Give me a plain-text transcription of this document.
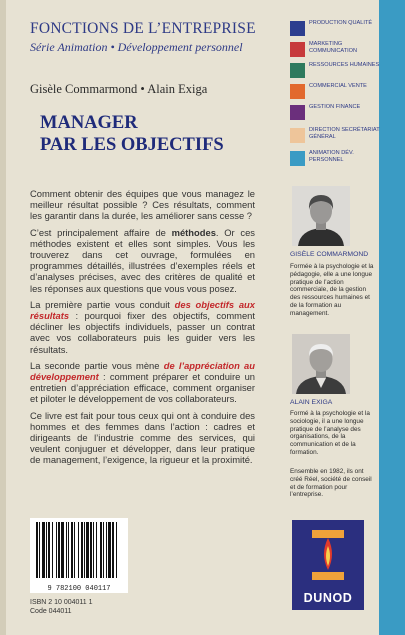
FONCTIONS DE L’ENTREPRISE
Série Animation • Développement personnel
Gisèle Commarmond • Alain Exiga
MANAGER
PAR LES OBJECTIFS
PRODUCTION QUALITÉ
MARKETING COMMUNICATION
RESSOURCES HUMAINES
COMMERCIAL VENTE
GESTION FINANCE
DIRECTION SECRÉTARIAT GÉNÉRAL
ANIMATION DÉV. PERSONNEL

Comment obtenir des équipes que vous managez le meilleur résultat possible ? Ces résultats, comment les garantir dans la durée, les améliorer sans cesse ?

C’est principalement affaire de méthodes. Or ces méthodes existent et elles sont simples. Vous les trouverez dans cet ouvrage, formulées en programmes détaillés, illustrées d’exemples réels et d’analyses précises, avec des critères de qualité et les réponses aux questions que vous vous posez.

La première partie vous conduit des objectifs aux résultats : pourquoi fixer des objectifs, comment décliner les objectifs individuels, passer un contrat avec vos collaborateurs puis les guider vers les résultats.

La seconde partie vous mène de l’appréciation au développement : comment préparer et conduire un entretien d’appréciation efficace, comment organiser et piloter le développement de vos collaborateurs.

Ce livre est fait pour tous ceux qui ont à conduire des hommes et des femmes dans l’action : cadres et dirigeants de l’industrie comme des services, qui veulent conjuguer et développer, dans leur pratique de management, l’exigence, la rigueur et la proximité.

GISÈLE COMMARMOND
Formée à la psychologie et la pédagogie, elle a une longue pratique de l’action commerciale, de la gestion des ressources humaines et de la formation au management.
ALAIN EXIGA
Formé à la psychologie et la sociologie, il a une longue pratique de l’analyse des organisations, de la communication et de la formation.
Ensemble en 1982, ils ont créé Réel, société de conseil et de formation pour l’entreprise.
9 782100 040117
ISBN 2 10 004011 1
Code 044011
DUNOD
